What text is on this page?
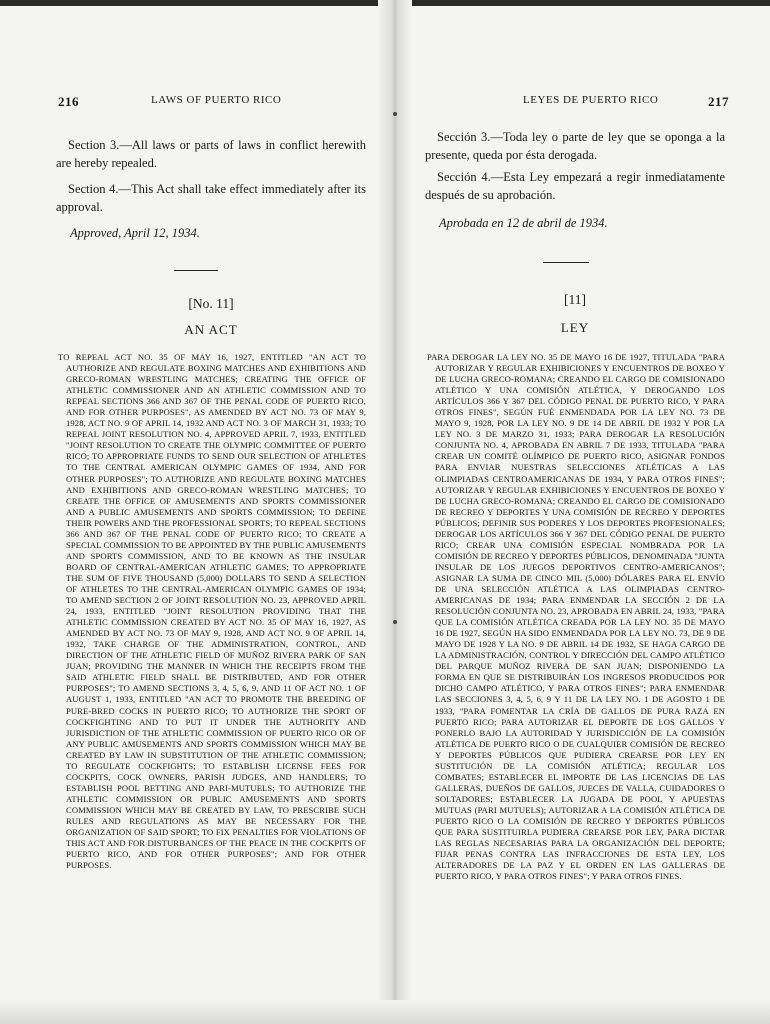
216	LAWS OF PUERTO RICO
Section 3.—All laws or parts of laws in conflict herewith are hereby repealed.
Section 4.—This Act shall take effect immediately after its approval.
Approved, April 12, 1934.
[No. 11]
AN ACT
TO REPEAL ACT NO. 35 OF MAY 16, 1927, ENTITLED "AN ACT TO AUTHORIZE AND REGULATE BOXING MATCHES AND EXHIBITIONS AND GRECO-ROMAN WRESTLING MATCHES; CREATING THE OFFICE OF ATHLETIC COMMISSIONER AND AN ATHLETIC COMMISSION AND TO REPEAL SECTIONS 366 AND 367 OF THE PENAL CODE OF PUERTO RICO, AND FOR OTHER PURPOSES", AS AMENDED BY ACT NO. 73 OF MAY 9, 1928, ACT NO. 9 OF APRIL 14, 1932 AND ACT NO. 3 OF MARCH 31, 1933; TO REPEAL JOINT RESOLUTION NO. 4, APPROVED APRIL 7, 1933, ENTITLED "JOINT RESOLUTION TO CREATE THE OLYMPIC COMMITTEE OF PUERTO RICO; TO APPROPRIATE FUNDS TO SEND OUR SELECTION OF ATHLETES TO THE CENTRAL AMERICAN OLYMPIC GAMES OF 1934, AND FOR OTHER PURPOSES"; TO AUTHORIZE AND REGULATE BOXING MATCHES AND EXHIBITIONS AND GRECO-ROMAN WRESTLING MATCHES; TO CREATE THE OFFICE OF AMUSEMENTS AND SPORTS COMMISSIONER AND A PUBLIC AMUSEMENTS AND SPORTS COMMISSION; TO DEFINE THEIR POWERS AND THE PROFESSIONAL SPORTS; TO REPEAL SECTIONS 366 AND 367 OF THE PENAL CODE OF PUERTO RICO; TO CREATE A SPECIAL COMMISSION TO BE APPOINTED BY THE PUBLIC AMUSEMENTS AND SPORTS COMMISSION, AND TO BE KNOWN AS THE INSULAR BOARD OF CENTRAL-AMERICAN ATHLETIC GAMES; TO APPROPRIATE THE SUM OF FIVE THOUSAND (5,000) DOLLARS TO SEND A SELECTION OF ATHLETES TO THE CENTRAL-AMERICAN OLYMPIC GAMES OF 1934; TO AMEND SECTION 2 OF JOINT RESOLUTION NO. 23, APPROVED APRIL 24, 1933, ENTITLED "JOINT RESOLUTION PROVIDING THAT THE ATHLETIC COMMISSION CREATED BY ACT NO. 35 OF MAY 16, 1927, AS AMENDED BY ACT NO. 73 OF MAY 9, 1928, AND ACT NO. 9 OF APRIL 14, 1932, TAKE CHARGE OF THE ADMINISTRATION, CONTROL, AND DIRECTION OF THE ATHLETIC FIELD OF MUÑOZ RIVERA PARK OF SAN JUAN; PROVIDING THE MANNER IN WHICH THE RECEIPTS FROM THE SAID ATHLETIC FIELD SHALL BE DISTRIBUTED, AND FOR OTHER PURPOSES"; TO AMEND SECTIONS 3, 4, 5, 6, 9, AND 11 OF ACT NO. 1 OF AUGUST 1, 1933, ENTITLED "AN ACT TO PROMOTE THE BREEDING OF PURE-BRED COCKS IN PUERTO RICO; TO AUTHORIZE THE SPORT OF COCKFIGHTING AND TO PUT IT UNDER THE AUTHORITY AND JURISDICTION OF THE ATHLETIC COMMISSION OF PUERTO RICO OR OF ANY PUBLIC AMUSEMENTS AND SPORTS COMMISSION WHICH MAY BE CREATED BY LAW IN SUBSTITUTION OF THE ATHLETIC COMMISSION; TO REGULATE COCKFIGHTS; TO ESTABLISH LICENSE FEES FOR COCKPITS, COCK OWNERS, PARISH JUDGES, AND HANDLERS; TO ESTABLISH POOL BETTING AND PARI-MUTUELS; TO AUTHORIZE THE ATHLETIC COMMISSION OR PUBLIC AMUSEMENTS AND SPORTS COMMISSION WHICH MAY BE CREATED BY LAW, TO PRESCRIBE SUCH RULES AND REGULATIONS AS MAY BE NECESSARY FOR THE ORGANIZATION OF SAID SPORT; TO FIX PENALTIES FOR VIOLATIONS OF THIS ACT AND FOR DISTURBANCES OF THE PEACE IN THE COCKPITS OF PUERTO RICO, AND FOR OTHER PURPOSES"; AND FOR OTHER PURPOSES.
LEYES DE PUERTO RICO	217
Sección 3.—Toda ley o parte de ley que se oponga a la presente, queda por ésta derogada.
Sección 4.—Esta Ley empezará a regir inmediatamente después de su aprobación.
Aprobada en 12 de abril de 1934.
[11]
LEY
PARA DEROGAR LA LEY NO. 35 DE MAYO 16 DE 1927, TITULADA "PARA AUTORIZAR Y REGULAR EXHIBICIONES Y ENCUENTROS DE BOXEO Y DE LUCHA GRECO-ROMANA; CREANDO EL CARGO DE COMISIONADO ATLÉTICO Y UNA COMISIÓN ATLÉTICA, Y DEROGANDO LOS ARTÍCULOS 366 Y 367 DEL CÓDIGO PENAL DE PUERTO RICO, Y PARA OTROS FINES", SEGÚN FUÉ ENMENDADA POR LA LEY NO. 73 DE MAYO 9, 1928, POR LA LEY NO. 9 DE 14 DE ABRIL DE 1932 Y POR LA LEY NO. 3 DE MARZO 31, 1933; PARA DEROGAR LA RESOLUCIÓN CONJUNTA NO. 4, APROBADA EN ABRIL 7 DE 1933, TITULADA "PARA CREAR UN COMITÉ OLÍMPICO DE PUERTO RICO, ASIGNAR FONDOS PARA ENVIAR NUESTRAS SELECCIONES ATLÉTICAS A LAS OLIMPIADAS CENTROAMERICANAS DE 1934, Y PARA OTROS FINES"; AUTORIZAR Y REGULAR EXHIBICIONES Y ENCUENTROS DE BOXEO Y DE LUCHA GRECO-ROMANA; CREANDO EL CARGO DE COMISIONADO DE RECREO Y DEPORTES Y UNA COMISIÓN DE RECREO Y DEPORTES PÚBLICOS; DEFINIR SUS PODERES Y LOS DEPORTES PROFESIONALES; DEROGAR LOS ARTÍCULOS 366 Y 367 DEL CÓDIGO PENAL DE PUERTO RICO; CREAR UNA COMISIÓN ESPECIAL NOMBRADA POR LA COMISIÓN DE RECREO Y DEPORTES PÚBLICOS, DENOMINADA "JUNTA INSULAR DE LOS JUEGOS DEPORTIVOS CENTRO-AMERICANOS"; ASIGNAR LA SUMA DE CINCO MIL (5,000) DÓLARES PARA EL ENVÍO DE UNA SELECCIÓN ATLÉTICA A LAS OLIMPIADAS CENTRO-AMERICANAS DE 1934; PARA ENMENDAR LA SECCIÓN 2 DE LA RESOLUCIÓN CONJUNTA NO. 23, APROBADA EN ABRIL 24, 1933, "PARA QUE LA COMISIÓN ATLÉTICA CREADA POR LA LEY NO. 35 DE MAYO 16 DE 1927, SEGÚN HA SIDO ENMENDADA POR LA LEY NO. 73, DE 9 DE MAYO DE 1928 Y LA NO. 9 DE ABRIL 14 DE 1932, SE HAGA CARGO DE LA ADMINISTRACIÓN, CONTROL Y DIRECCIÓN DEL CAMPO ATLÉTICO DEL PARQUE MUÑOZ RIVERA DE SAN JUAN; DISPONIENDO LA FORMA EN QUE SE DISTRIBUIRÁN LOS INGRESOS PRODUCIDOS POR DICHO CAMPO ATLÉTICO, Y PARA OTROS FINES"; PARA ENMENDAR LAS SECCIONES 3, 4, 5, 6, 9 Y 11 DE LA LEY NO. 1 DE AGOSTO 1 DE 1933, "PARA FOMENTAR LA CRÍA DE GALLOS DE PURA RAZA EN PUERTO RICO; PARA AUTORIZAR EL DEPORTE DE LOS GALLOS Y PONERLO BAJO LA AUTORIDAD Y JURISDICCIÓN DE LA COMISIÓN ATLÉTICA DE PUERTO RICO O DE CUALQUIER COMISIÓN DE RECREO Y DEPORTES PÚBLICOS QUE PUDIERA CREARSE POR LEY EN SUSTITUCIÓN DE LA COMISIÓN ATLÉTICA; REGULAR LOS COMBATES; ESTABLECER EL IMPORTE DE LAS LICENCIAS DE LAS GALLERAS, DUEÑOS DE GALLOS, JUECES DE VALLA, CUIDADORES O SOLTADORES; ESTABLECER LA JUGADA DE POOL Y APUESTAS MUTUAS (PARI MUTUELS); AUTORIZAR A LA COMISIÓN ATLÉTICA DE PUERTO RICO O LA COMISIÓN DE RECREO Y DEPORTES PÚBLICOS QUE PARA SUSTITUIRLA PUDIERA CREARSE POR LEY, PARA DICTAR LAS REGLAS NECESARIAS PARA LA ORGANIZACIÓN DEL DEPORTE; FIJAR PENAS CONTRA LAS INFRACCIONES DE ESTA LEY, LOS ALTERADORES DE LA PAZ Y EL ORDEN EN LAS GALLERAS DE PUERTO RICO, Y PARA OTROS FINES"; Y PARA OTROS FINES.
